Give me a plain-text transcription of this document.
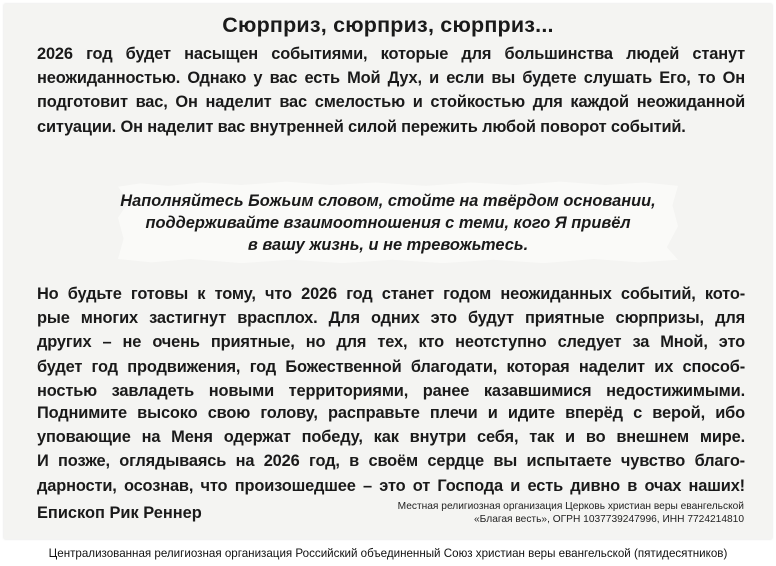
Сюрприз, сюрприз, сюрприз...
2026 год будет насыщен событиями, которые для большинства людей станут неожиданностью. Однако у вас есть Мой Дух, и если вы будете слушать Его, то Он подготовит вас, Он наделит вас смелостью и стойкостью для каждой неожиданной ситуации. Он наделит вас внутренней силой пережить любой поворот событий.
Наполняйтесь Божьим словом, стойте на твёрдом основании,
поддерживайте взаимоотношения с теми, кого Я привёл
в вашу жизнь, и не тревожьтесь.
Но будьте готовы к тому, что 2026 год станет годом неожиданных событий, кото-
рые многих застигнут врасплох. Для одних это будут приятные сюрпризы, для
других – не очень приятные, но для тех, кто неотступно следует за Мной, это
будет год продвижения, год Божественной благодати, которая наделит их способ-
ностью завладеть новыми территориями, ранее казавшимися недостижимыми.
Поднимите высоко свою голову, расправьте плечи и идите вперёд с верой, ибо
уповающие на Меня одержат победу, как внутри себя, так и во внешнем мире.
И позже, оглядываясь на 2026 год, в своём сердце вы испытаете чувство благо-
дарности, осознав, что произошедшее – это от Господа и есть дивно в очах наших!
Епископ Рик Реннер	Местная религиозная организация Церковь христиан веры евангельской
«Благая весть», ОГРН 1037739247996, ИНН 7724214810
Централизованная религиозная организация Российский объединенный Союз христиан веры евангельской (пятидесятников)
